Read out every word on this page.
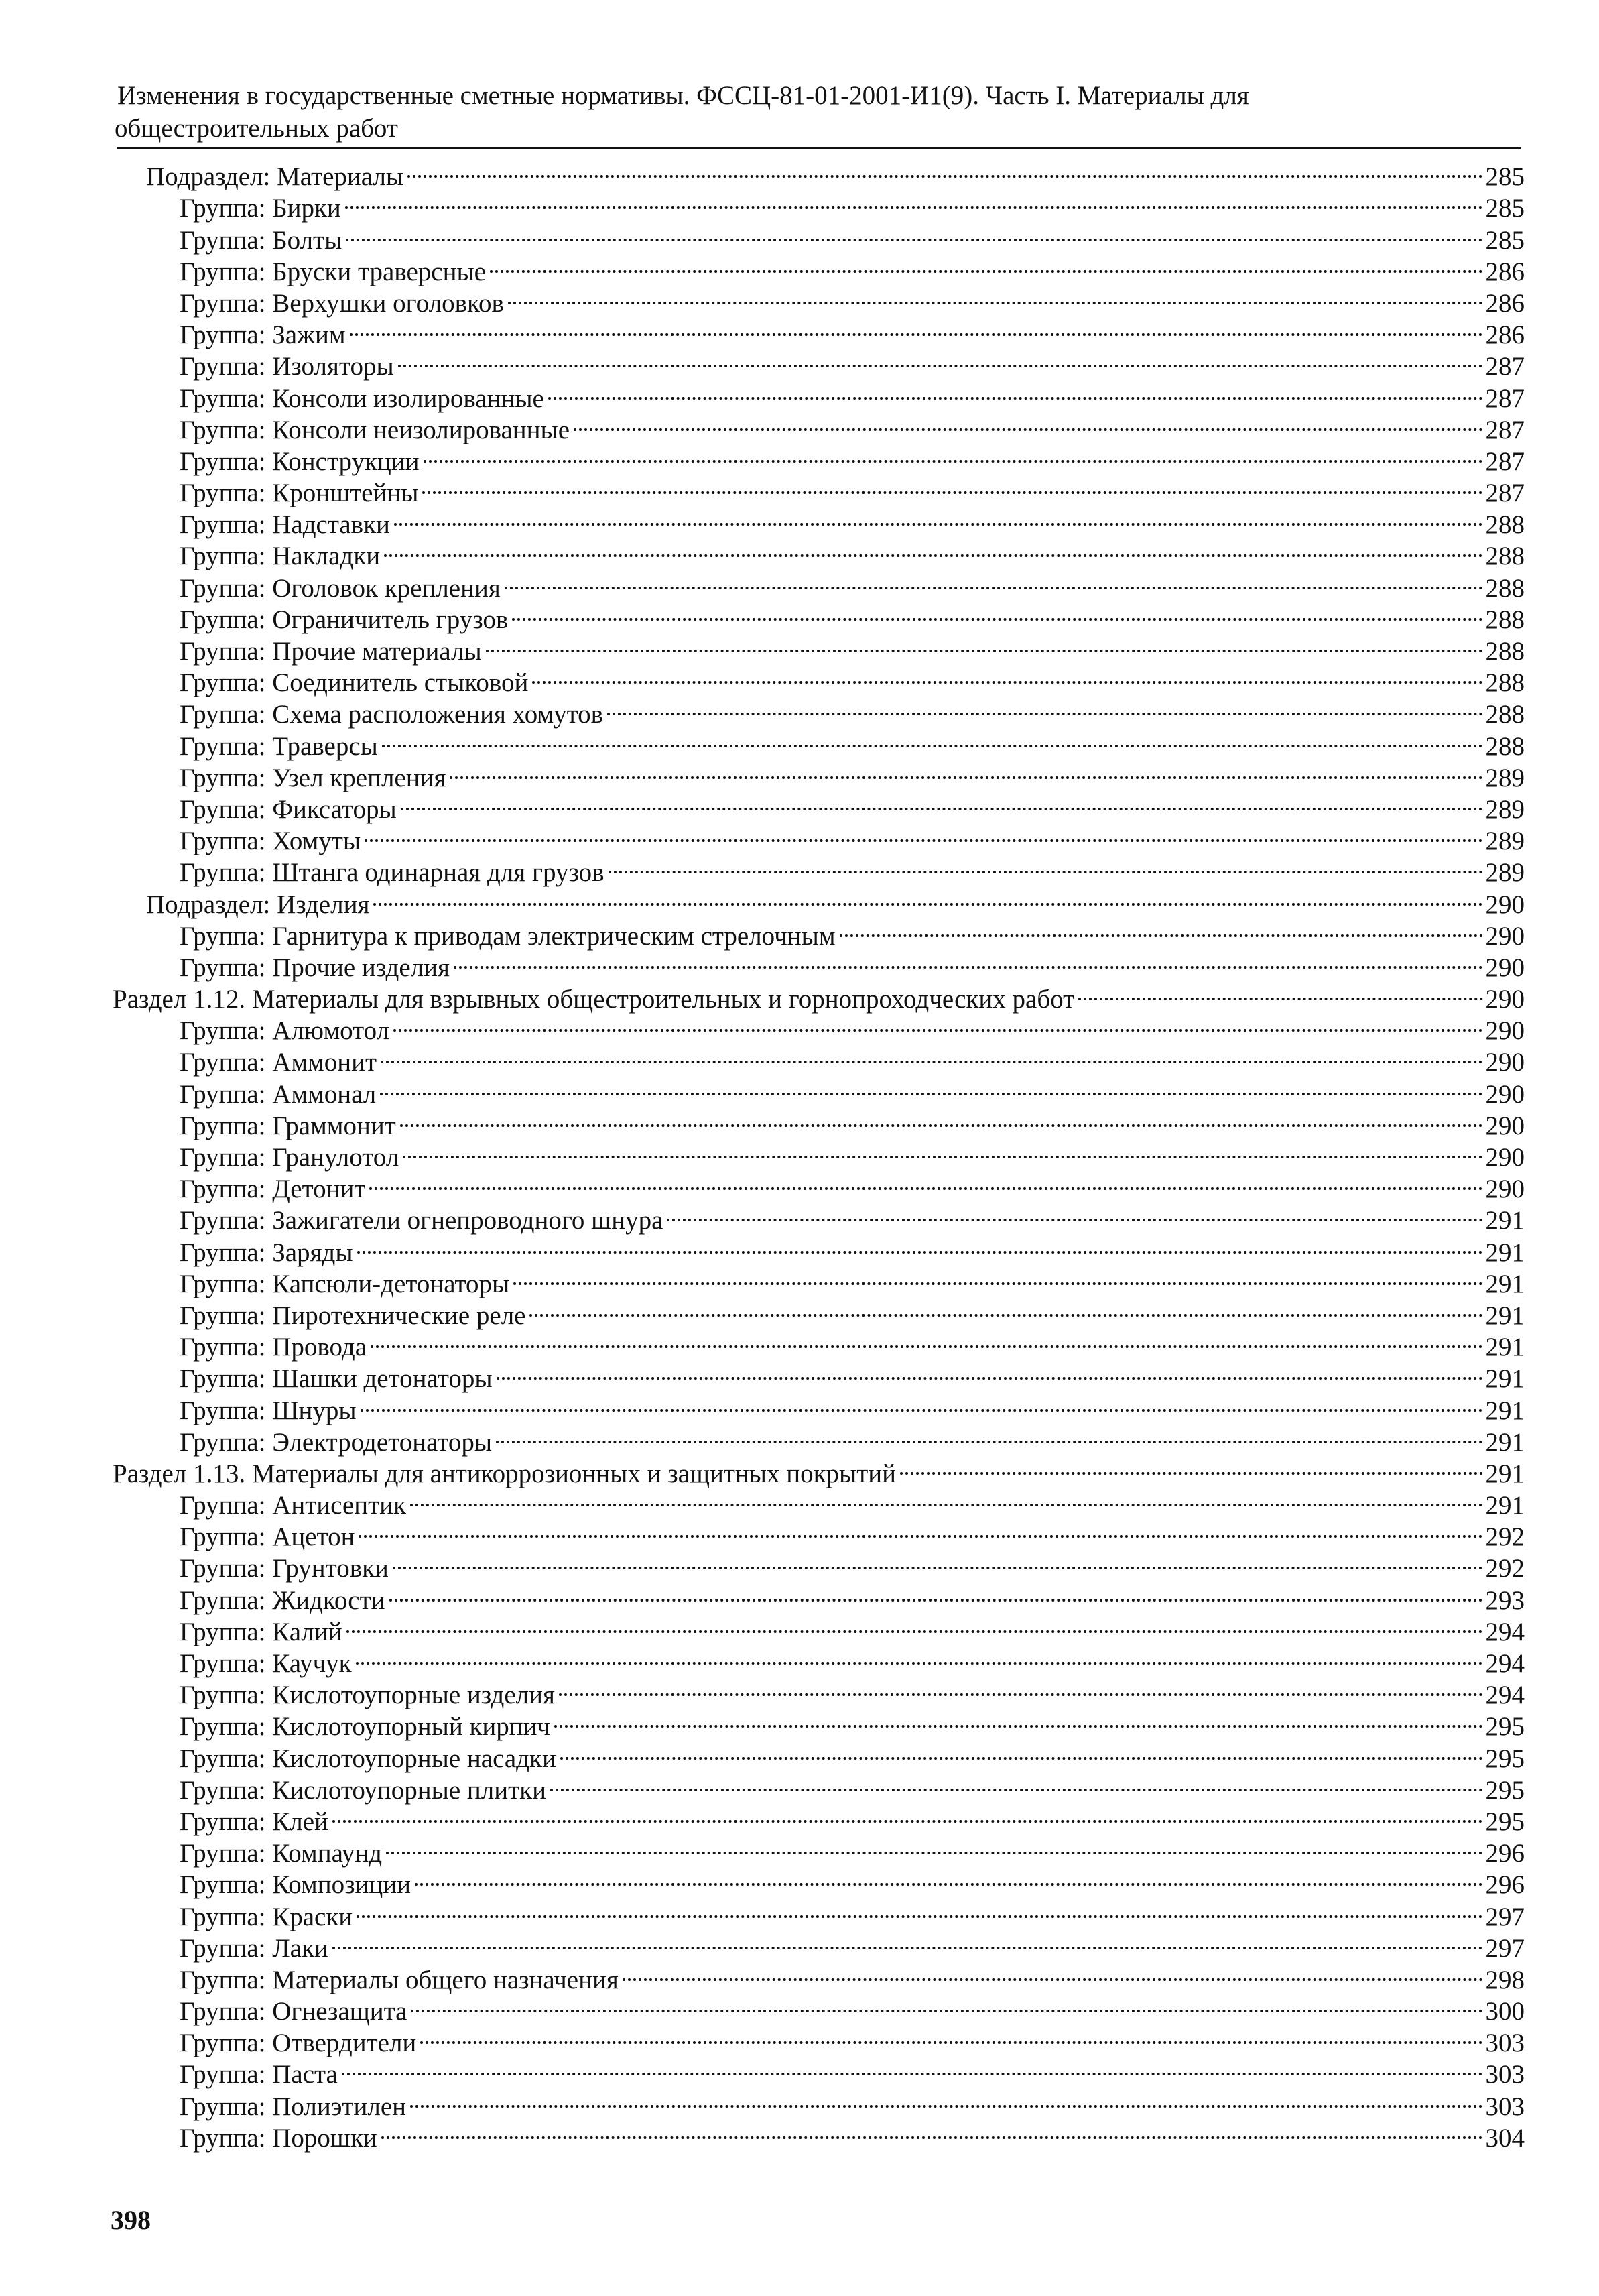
Изменения в государственные сметные нормативы. ФССЦ-81-01-2001-И1(9). Часть I. Материалы для
общестроительных работ
Подраздел: Материалы	285
Группа: Бирки	285
Группа: Болты	285
Группа: Бруски траверсные	286
Группа: Верхушки оголовков	286
Группа: Зажим	286
Группа: Изоляторы	287
Группа: Консоли изолированные	287
Группа: Консоли неизолированные	287
Группа: Конструкции	287
Группа: Кронштейны	287
Группа: Надставки	288
Группа: Накладки	288
Группа: Оголовок крепления	288
Группа: Ограничитель грузов	288
Группа: Прочие материалы	288
Группа: Соединитель стыковой	288
Группа: Схема расположения хомутов	288
Группа: Траверсы	288
Группа: Узел крепления	289
Группа: Фиксаторы	289
Группа: Хомуты	289
Группа: Штанга одинарная для грузов	289
Подраздел: Изделия	290
Группа: Гарнитура к приводам электрическим стрелочным	290
Группа: Прочие изделия	290
Раздел 1.12. Материалы для взрывных общестроительных и горнопроходческих работ	290
Группа: Алюмотол	290
Группа: Аммонит	290
Группа: Аммонал	290
Группа: Граммонит	290
Группа: Гранулотол	290
Группа: Детонит	290
Группа: Зажигатели огнепроводного шнура	291
Группа: Заряды	291
Группа: Капсюли-детонаторы	291
Группа: Пиротехнические реле	291
Группа: Провода	291
Группа: Шашки детонаторы	291
Группа: Шнуры	291
Группа: Электродетонаторы	291
Раздел 1.13. Материалы для антикоррозионных и защитных покрытий	291
Группа: Антисептик	291
Группа: Ацетон	292
Группа: Грунтовки	292
Группа: Жидкости	293
Группа: Калий	294
Группа: Каучук	294
Группа: Кислотоупорные изделия	294
Группа: Кислотоупорный кирпич	295
Группа: Кислотоупорные насадки	295
Группа: Кислотоупорные плитки	295
Группа: Клей	295
Группа: Компаунд	296
Группа: Композиции	296
Группа: Краски	297
Группа: Лаки	297
Группа: Материалы общего назначения	298
Группа: Огнезащита	300
Группа: Отвердители	303
Группа: Паста	303
Группа: Полиэтилен	303
Группа: Порошки	304
398
